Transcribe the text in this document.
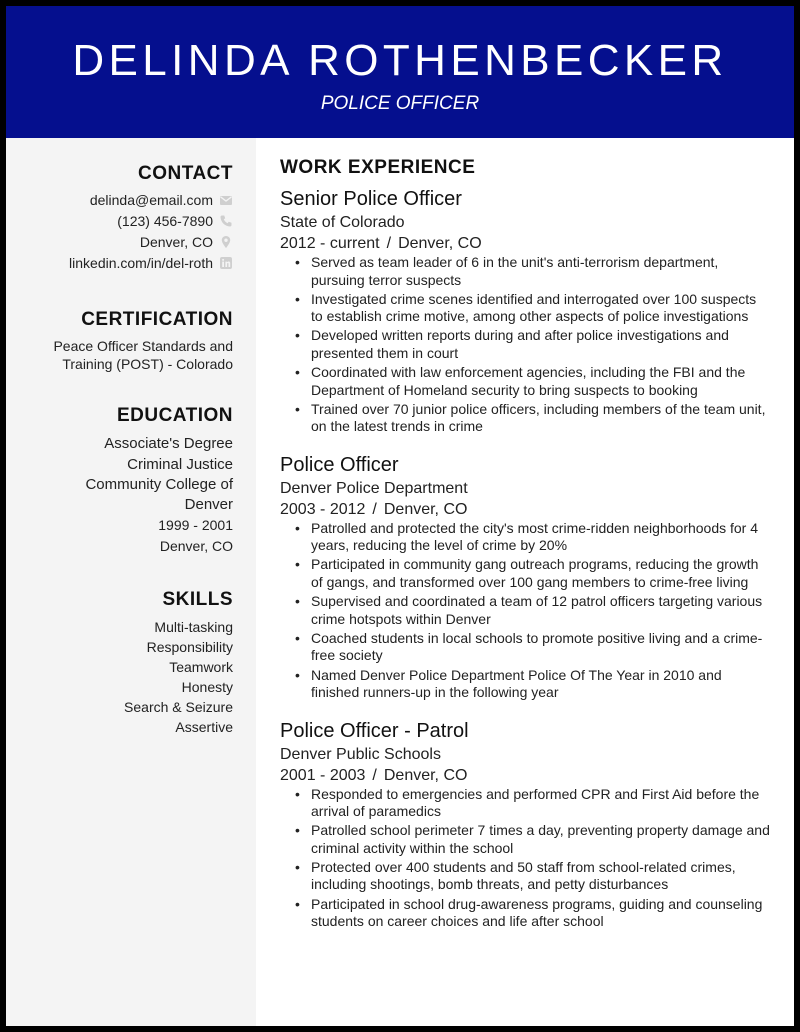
DELINDA ROTHENBECKER
POLICE OFFICER
CONTACT
delinda@email.com
(123) 456-7890
Denver, CO
linkedin.com/in/del-roth
CERTIFICATION
Peace Officer Standards and
Training (POST) - Colorado
EDUCATION
Associate's Degree
Criminal Justice
Community College of
Denver
1999 - 2001
Denver, CO
SKILLS
Multi-tasking
Responsibility
Teamwork
Honesty
Search & Seizure
Assertive
WORK EXPERIENCE
Senior Police Officer
State of Colorado
2012 - current / Denver, CO
• Served as team leader of 6 in the unit's anti-terrorism department, pursuing terror suspects
• Investigated crime scenes identified and interrogated over 100 suspects to establish crime motive, among other aspects of police investigations
• Developed written reports during and after police investigations and presented them in court
• Coordinated with law enforcement agencies, including the FBI and the Department of Homeland security to bring suspects to booking
• Trained over 70 junior police officers, including members of the team unit, on the latest trends in crime
Police Officer
Denver Police Department
2003 - 2012 / Denver, CO
• Patrolled and protected the city's most crime-ridden neighborhoods for 4 years, reducing the level of crime by 20%
• Participated in community gang outreach programs, reducing the growth of gangs, and transformed over 100 gang members to crime-free living
• Supervised and coordinated a team of 12 patrol officers targeting various crime hotspots within Denver
• Coached students in local schools to promote positive living and a crime-free society
• Named Denver Police Department Police Of The Year in 2010 and finished runners-up in the following year
Police Officer - Patrol
Denver Public Schools
2001 - 2003 / Denver, CO
• Responded to emergencies and performed CPR and First Aid before the arrival of paramedics
• Patrolled school perimeter 7 times a day, preventing property damage and criminal activity within the school
• Protected over 400 students and 50 staff from school-related crimes, including shootings, bomb threats, and petty disturbances
• Participated in school drug-awareness programs, guiding and counseling students on career choices and life after school
